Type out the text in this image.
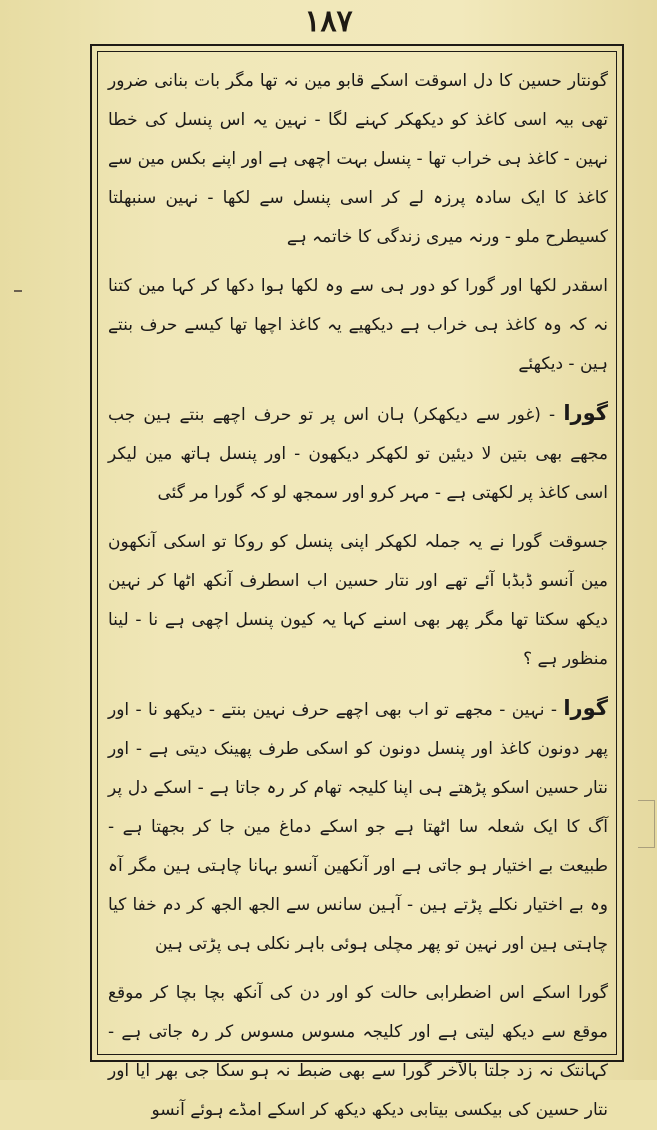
۱۸۷

گونتار حسین کا دل اسوقت اسکے قابو مین نہ تھا مگر بات بنانی ضرور تھی بیہ اسی کاغذ کو دیکھکر کہنے لگا - نہین یہ اس پنسل کی خطا نہین - کاغذ ہی خراب تھا - پنسل بہت اچھی ہے اور اپنے بکس مین سے کاغذ کا ایک سادہ پرزہ لے کر اسی پنسل سے لکھا - نہین سنبھلتا کسیطرح ملو - ورنہ میری زندگی کا خاتمہ ہے

اسقدر لکھا اور گورا کو دور ہی سے وہ لکھا ہوا دکھا کر کہا مین کتنا نہ کہ وہ کاغذ ہی خراب ہے دیکھیے یہ کاغذ اچھا تھا کیسے حرف بنتے ہین - دیکھئے

گورا - (غور سے دیکھکر) ہان اس پر تو حرف اچھے بنتے ہین جب مجھے بھی بتین لا دیئین تو لکھکر دیکھون - اور پنسل ہاتھ مین لیکر اسی کاغذ پر لکھتی ہے - مہر کرو اور سمجھ لو کہ گورا مر گئی

جسوقت گورا نے یہ جملہ لکھکر اپنی پنسل کو روکا تو اسکی آنکھون مین آنسو ڈبڈبا آئے تھے اور نتار حسین اب اسطرف آنکھ اٹھا کر نہین دیکھ سکتا تھا مگر پھر بھی اسنے کہا یہ کیون پنسل اچھی ہے نا - لینا منظور ہے ؟

گورا - نہین - مجھے تو اب بھی اچھے حرف نہین بنتے - دیکھو نا - اور پھر دونون کاغذ اور پنسل دونون کو اسکی طرف پھینک دیتی ہے - اور نتار حسین اسکو پڑھتے ہی اپنا کلیجہ تھام کر رہ جاتا ہے - اسکے دل پر آگ کا ایک شعلہ سا اٹھتا ہے جو اسکے دماغ مین جا کر بجھتا ہے - طبیعت بے اختیار ہو جاتی ہے اور آنکھین آنسو بہانا چاہتی ہین مگر آہ وہ بے اختیار نکلے پڑتے ہین - آہین سانس سے الجھ الجھ کر دم خفا کیا چاہتی ہین اور نہین تو پھر مچلی ہوئی باہر نکلی ہی پڑتی ہین

گورا اسکے اس اضطرابی حالت کو اور دن کی آنکھ بچا بچا کر موقع موقع سے دیکھ لیتی ہے اور کلیجہ مسوس مسوس کر رہ جاتی ہے - کہانتک نہ زد جلتا بالآخر گورا سے بھی ضبط نہ ہو سکا جی بھر آیا اور نتار حسین کی بیکسی بیتابی دیکھ دیکھ کر اسکے امڈے ہوئے آنسو
